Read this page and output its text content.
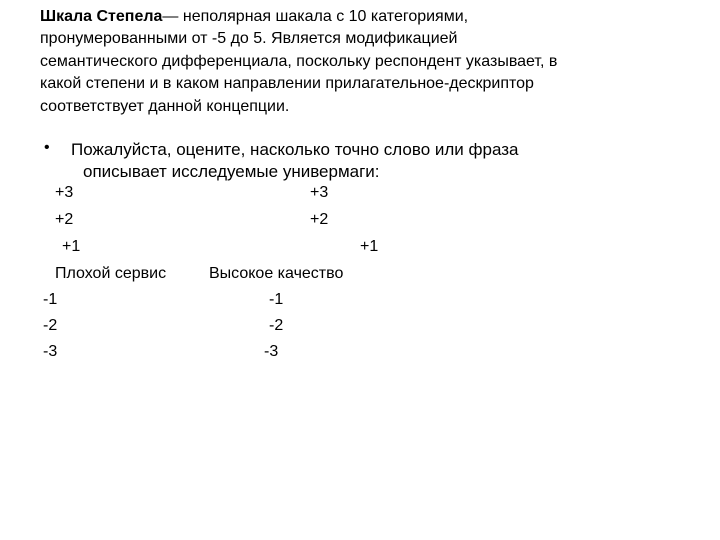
Шкала Степела— неполярная шакала с 10 категориями,
пронумерованными от -5 до 5. Является модификацией
семантического дифференциала, поскольку респондент указывает, в
какой степени и в каком направлении прилагательное-дескриптор
соответствует данной концепции.
• Пожалуйста, оцените, насколько точно слово или фраза
описывает исследуемые универмаги:
+3
+2
+1
Плохой сервис
-1
-2
-3
+3
+2
+1
Высокое качество
-1
-2
-3
